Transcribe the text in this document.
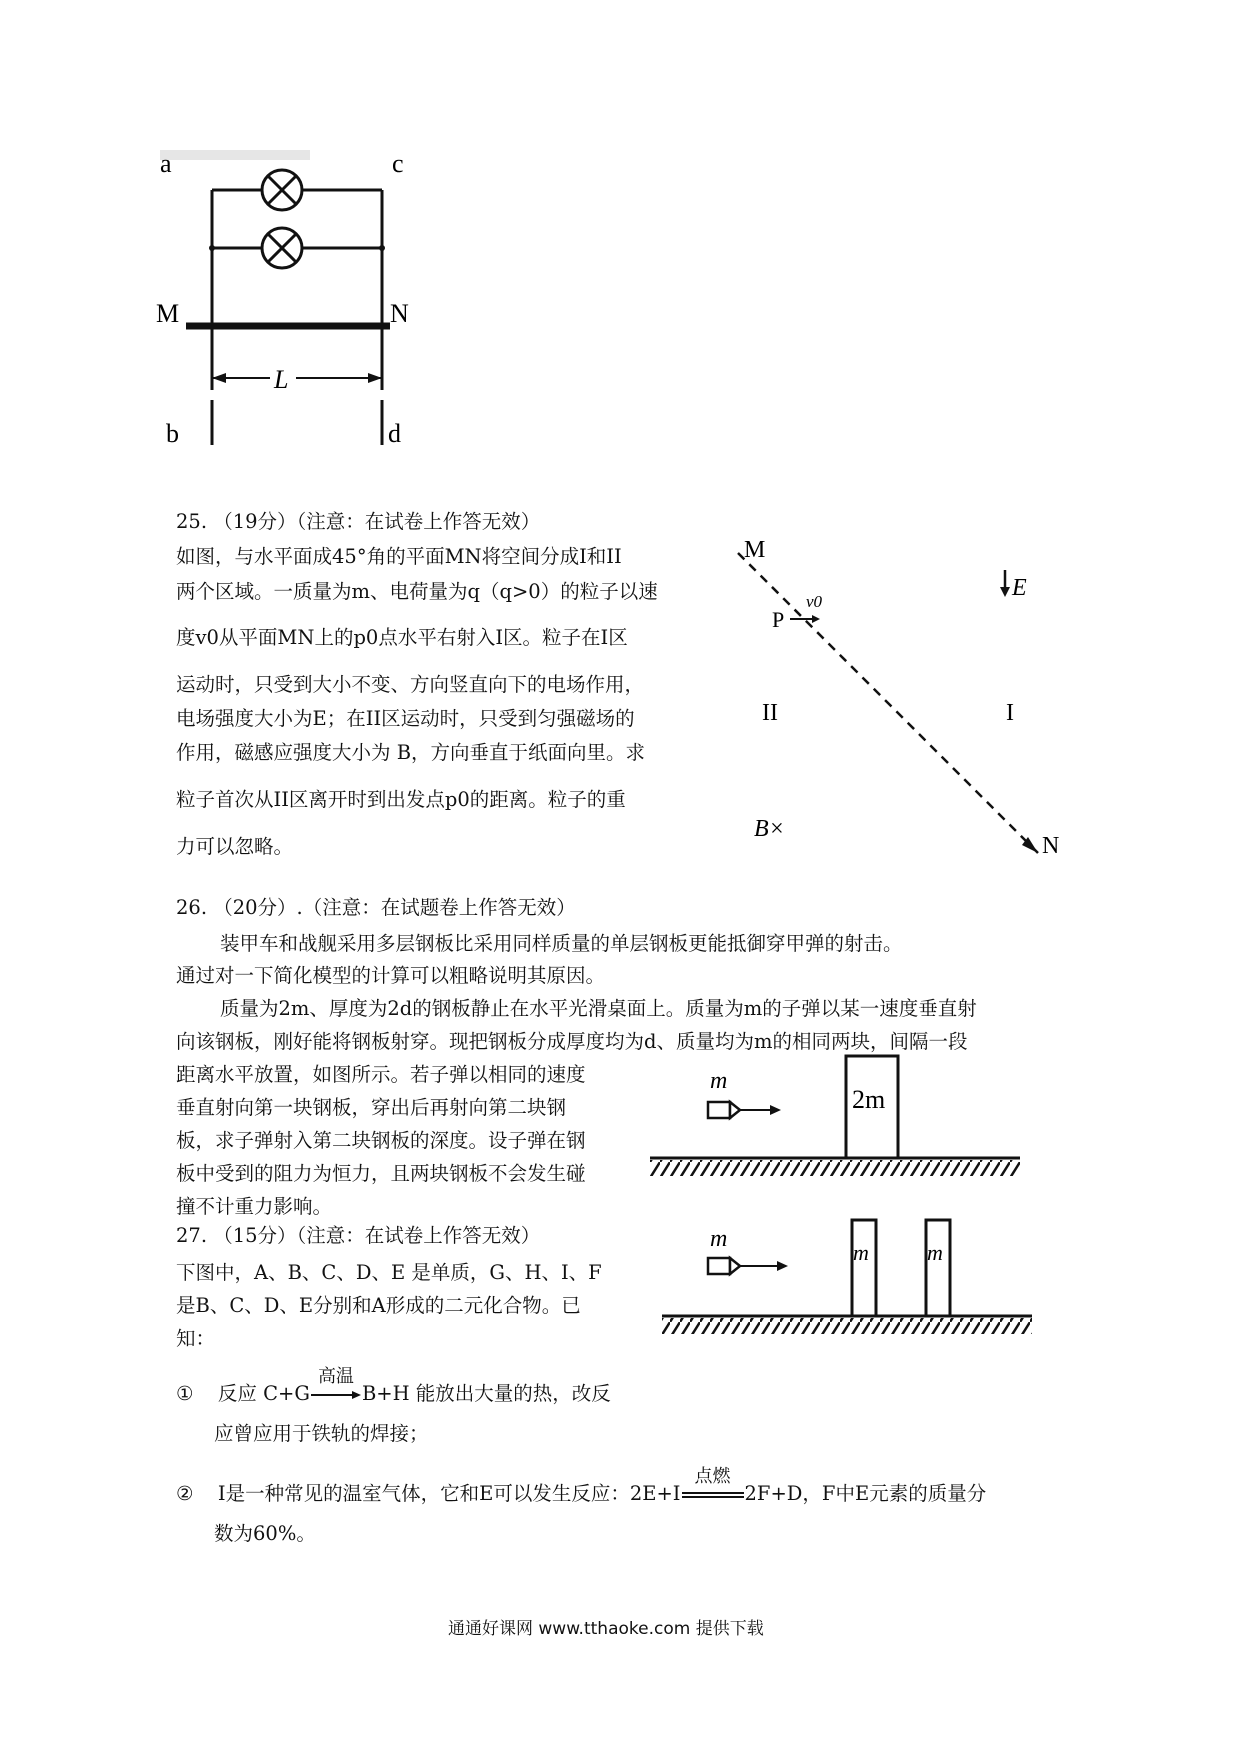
a	c
M	N
L
b	d
25. （19分）（注意：在试卷上作答无效）
如图，与水平面成45°角的平面MN将空间分成I和II
两个区域。一质量为m、电荷量为q（q>0）的粒子以速
度v0从平面MN上的p0点水平右射入I区。粒子在I区
运动时，只受到大小不变、方向竖直向下的电场作用，
电场强度大小为E；在II区运动时，只受到匀强磁场的
作用，磁感应强度大小为 B，方向垂直于纸面向里。求
粒子首次从II区离开时到出发点p0的距离。粒子的重
力可以忽略。
M
N
E
P
v0
II	I
B×
26. （20分）.（注意：在试题卷上作答无效）
装甲车和战舰采用多层钢板比采用同样质量的单层钢板更能抵御穿甲弹的射击。
通过对一下简化模型的计算可以粗略说明其原因。
质量为2m、厚度为2d的钢板静止在水平光滑桌面上。质量为m的子弹以某一速度垂直射
向该钢板，刚好能将钢板射穿。现把钢板分成厚度均为d、质量均为m的相同两块，间隔一段
距离水平放置，如图所示。若子弹以相同的速度
垂直射向第一块钢板，穿出后再射向第二块钢
板，求子弹射入第二块钢板的深度。设子弹在钢
板中受到的阻力为恒力，且两块钢板不会发生碰
撞不计重力影响。
m
2m
m
m	m
27. （15分）（注意：在试卷上作答无效）
下图中，A、B、C、D、E 是单质，G、H、I、F
是B、C、D、E分别和A形成的二元化合物。已
知：
① 反应 C+G
高温
B+H 能放出大量的热，改反
应曾应用于铁轨的焊接；
② I是一种常见的温室气体，它和E可以发生反应：2E+I
点燃
2F+D，F中E元素的质量分
数为60%。
通通好课网 www.tthaoke.com 提供下载
